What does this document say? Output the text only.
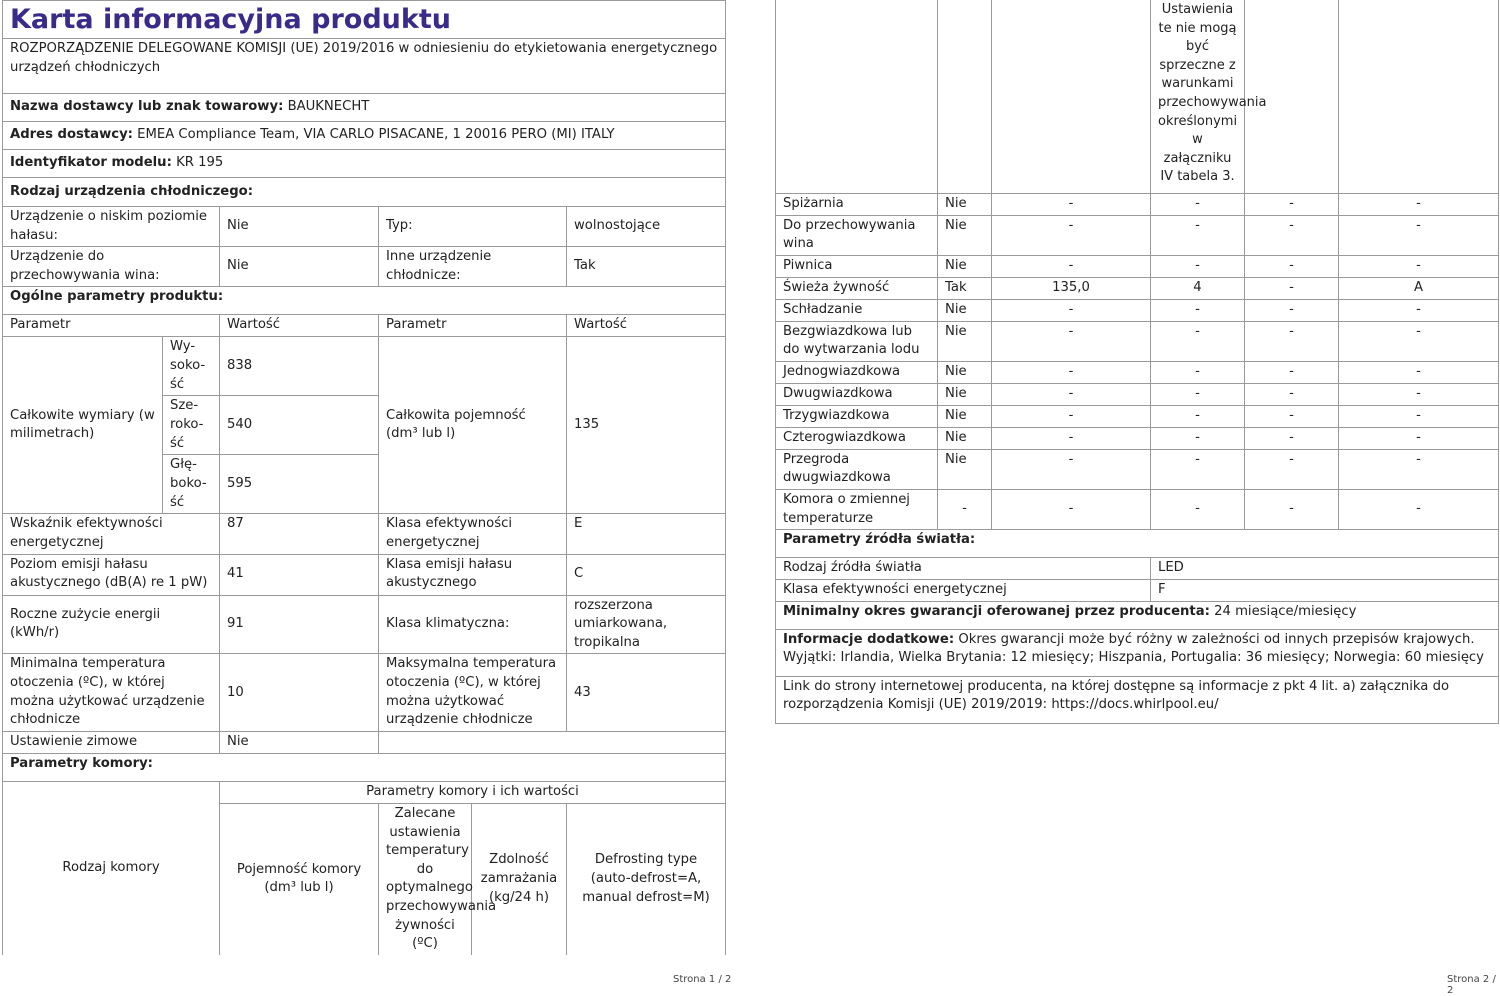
Karta informacyjna produktu				
ROZPORZĄDZENIE DELEGOWANE KOMISJI (UE) 2019/2016 w odniesieniu do etykietowania energetycznego urządzeń chłodniczych				
Nazwa dostawcy lub znak towarowy: BAUKNECHT				
Adres dostawcy: EMEA Compliance Team, VIA CARLO PISACANE, 1 20016 PERO (MI) ITALY				
Identyfikator modelu: KR 195				
Rodzaj urządzenia chłodniczego:				
Urządzenie o niskim poziomie hałasu:		Nie	Typ:	wolnostojące
Urządzenie do przechowywania wina:		Nie	Inne urządzenie chłodnicze:	Tak
Ogólne parametry produktu:				
Parametr		Wartość	Parametr	Wartość
Całkowite wymiary (w milimetrach)	Wy-soko-ść	838	Całkowita pojemność (dm³ lub l)	135
	Sze-roko-ść	540		
	Głę-boko-ść	595		
Wskaźnik efektywności energetycznej		87	Klasa efektywności energetycznej	E
Poziom emisji hałasu akustycznego (dB(A) re 1 pW)		41	Klasa emisji hałasu akustycznego	C
Roczne zużycie energii (kWh/r)		91	Klasa klimatyczna:	rozszerzona umiarkowana, tropikalna
Minimalna temperatura otoczenia (ºC), w której można użytkować urządzenie chłodnicze		10	Maksymalna temperatura otoczenia (ºC), w której można użytkować urządzenie chłodnicze	43
Ustawienie zimowe		Nie		
Parametry komory:				
Rodzaj komory	Parametry komory i ich wartości			
	Pojemność komory (dm³ lub l)	Zalecane ustawienia temperatury do optymalnego przechowywania żywności (ºC)	Zdolność zamrażania (kg/24 h)	Defrosting type (auto-defrost=A, manual defrost=M)
Strona 1 / 2
			Ustawienia te nie mogą być sprzeczne z warunkami przechowywania określonymi w załączniku IV tabela 3.		
Spiżarnia	Nie	-	-	-	-
Do przechowywania wina	Nie	-	-	-	-
Piwnica	Nie	-	-	-	-
Świeża żywność	Tak	135,0	4	-	A
Schładzanie	Nie	-	-	-	-
Bezgwiazdkowa lub do wytwarzania lodu	Nie	-	-	-	-
Jednogwiazdkowa	Nie	-	-	-	-
Dwugwiazdkowa	Nie	-	-	-	-
Trzygwiazdkowa	Nie	-	-	-	-
Czterogwiazdkowa	Nie	-	-	-	-
Przegroda dwugwiazdkowa	Nie	-	-	-	-
Komora o zmiennej temperaturze	-	-	-	-	-
Parametry źródła światła:					
Rodzaj źródła światła			LED		
Klasa efektywności energetycznej			F		
Minimalny okres gwarancji oferowanej przez producenta: 24 miesiące/miesięcy					
Informacje dodatkowe: Okres gwarancji może być różny w zależności od innych przepisów krajowych. Wyjątki: Irlandia, Wielka Brytania: 12 miesięcy; Hiszpania, Portugalia: 36 miesięcy; Norwegia: 60 miesięcy					
Link do strony internetowej producenta, na której dostępne są informacje z pkt 4 lit. a) załącznika do rozporządzenia Komisji (UE) 2019/2019: https://docs.whirlpool.eu/					
Strona 2 / 2
